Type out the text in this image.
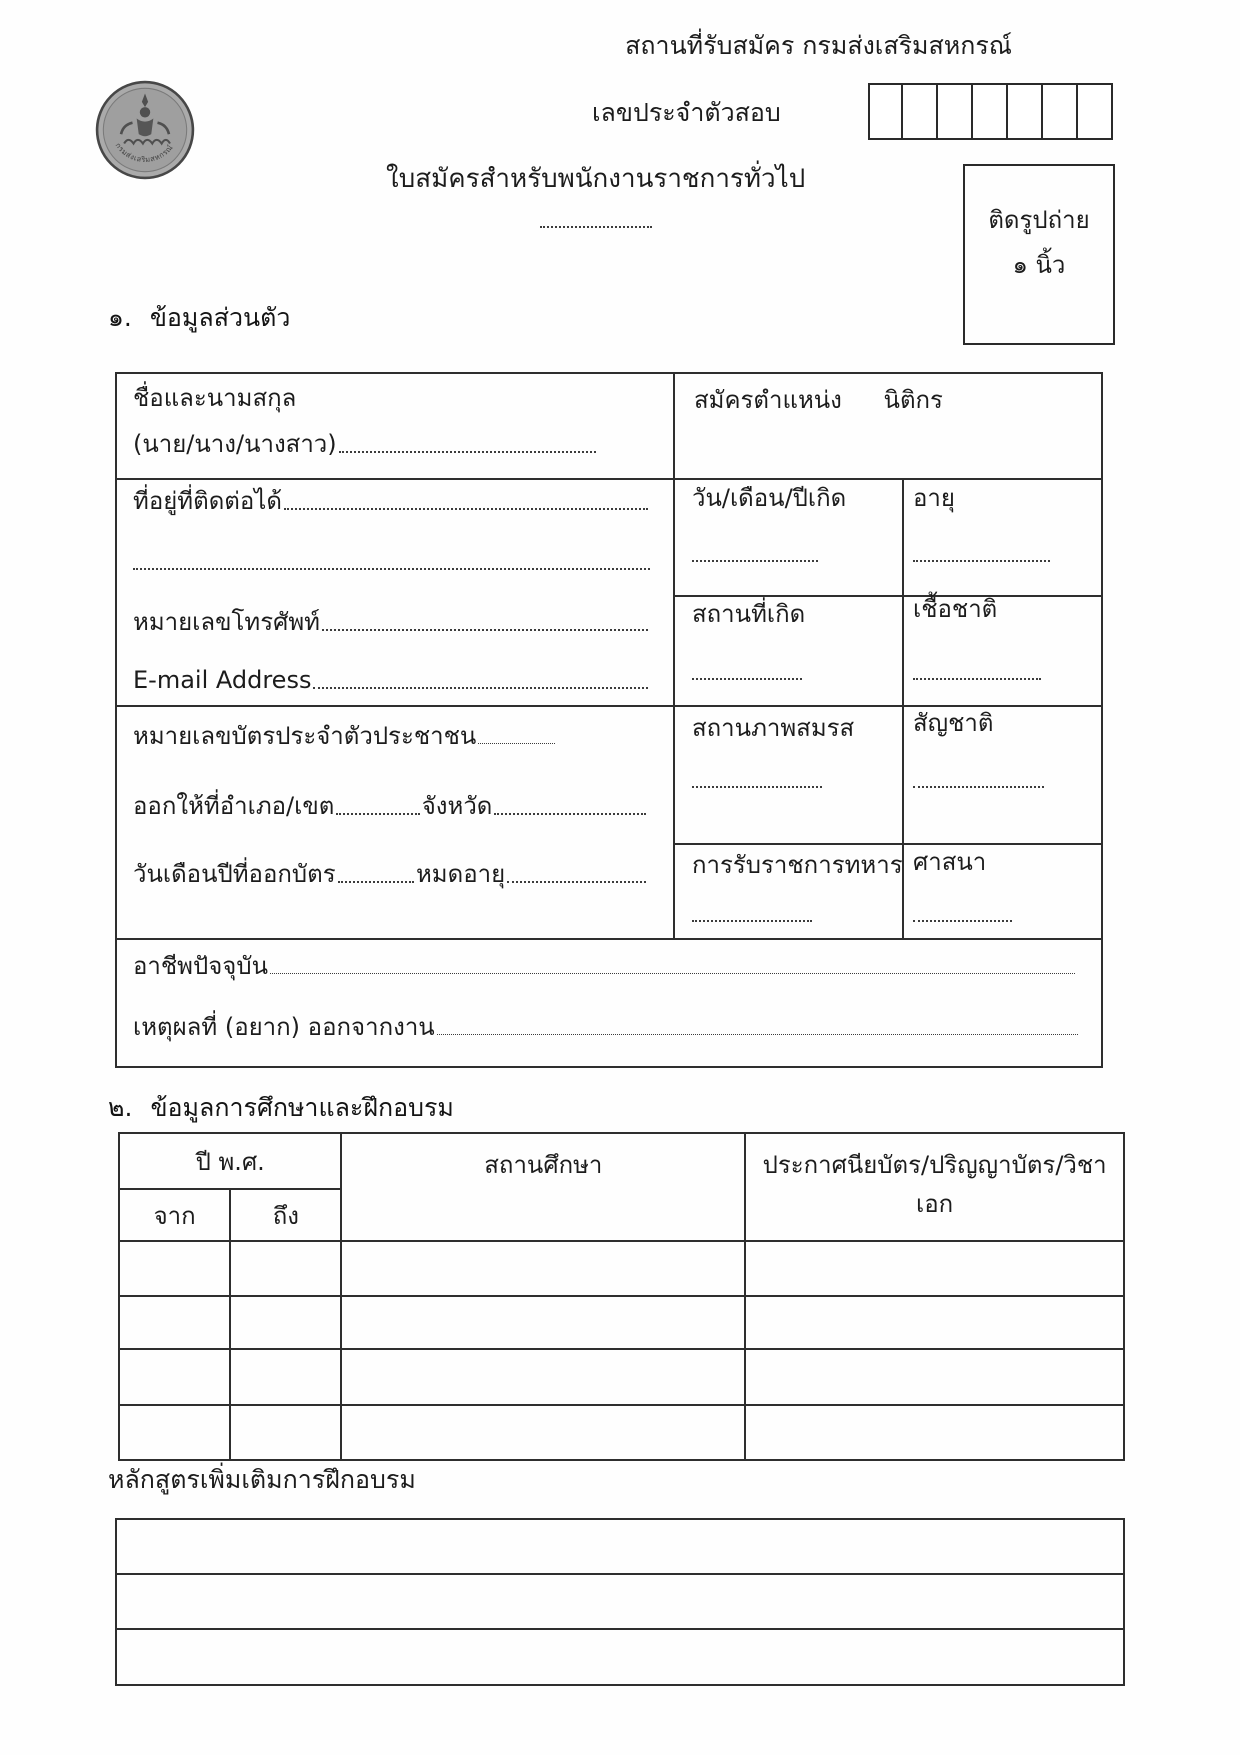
สถานที่รับสมัคร กรมส่งเสริมสหกรณ์
กรมส่งเสริมสหกรณ์
เลขประจำตัวสอบ
ใบสมัครสำหรับพนักงานราชการทั่วไป
ติดรูปถ่าย
๑ นิ้ว
๑. ข้อมูลส่วนตัว
ชื่อและนามสกุล
(นาย/นาง/นางสาว)
สมัครตำแหน่ง นิติกร
ที่อยู่ที่ติดต่อได้
หมายเลขโทรศัพท์
E-mail Address
วัน/เดือน/ปีเกิด	อายุ
สถานที่เกิด	เชื้อชาติ
หมายเลขบัตรประจำตัวประชาชน
ออกให้ที่อำเภอ/เขต	จังหวัด
วันเดือนปีที่ออกบัตร	หมดอายุ
สถานภาพสมรส สัญชาติ
การรับราชการทหาร ศาสนา
อาชีพปัจจุบัน
เหตุผลที่ (อยาก) ออกจากงาน
๒. ข้อมูลการศึกษาและฝึกอบรม
ปี พ.ศ.		สถานศึกษา	ประกาศนียบัตร/ปริญญาบัตร/วิชาเอก
จาก	ถึง		

หลักสูตรเพิ่มเติมการฝึกอบรม
